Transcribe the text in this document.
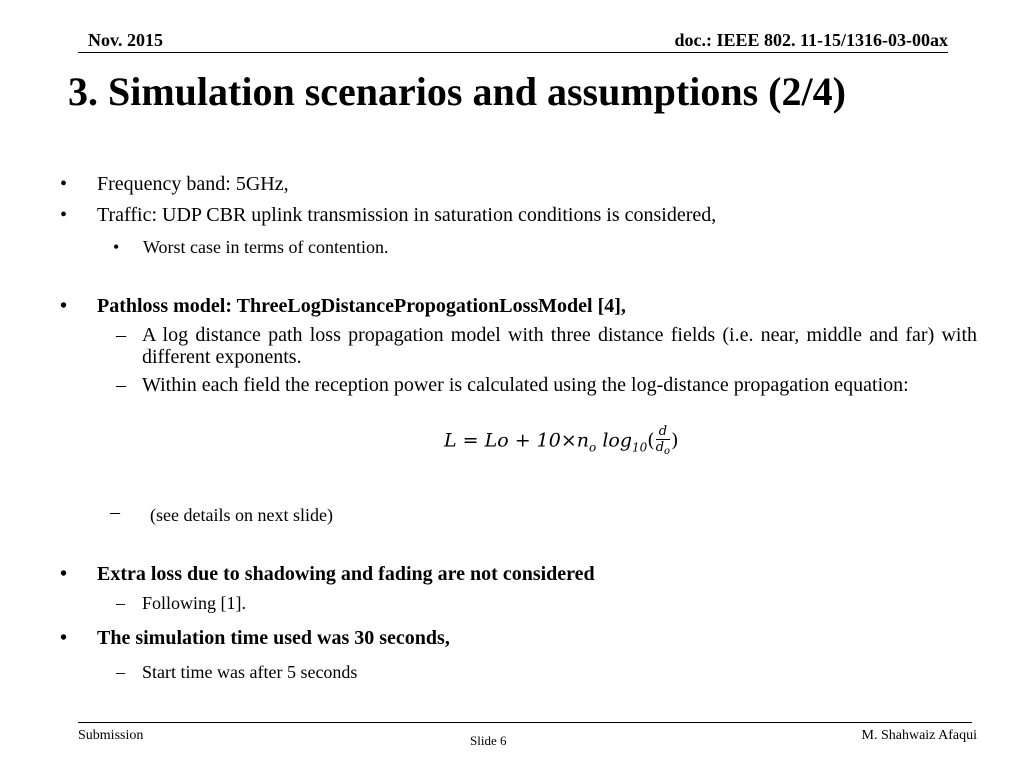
Nov. 2015	doc.: IEEE 802. 11-15/1316-03-00ax
3. Simulation scenarios and assumptions (2/4)
• Frequency band: 5GHz,
• Traffic: UDP CBR uplink transmission in saturation conditions is considered,
• Worst case in terms of contention.
• Pathloss model: ThreeLogDistancePropogationLossModel [4],
– A log distance path loss propagation model with three distance fields (i.e. near, middle and far) with different exponents.
– Within each field the reception power is calculated using the log-distance propagation equation:
$L = Lo + 10\times n_o$ $\log_{10}( \frac{d}{d_o}$ )
– (see details on next slide)
• Extra loss due to shadowing and fading are not considered
– Following [1].
• The simulation time used was 30 seconds,
– Start time was after 5 seconds
Submission	Slide 6	M. Shahwaiz Afaqui
